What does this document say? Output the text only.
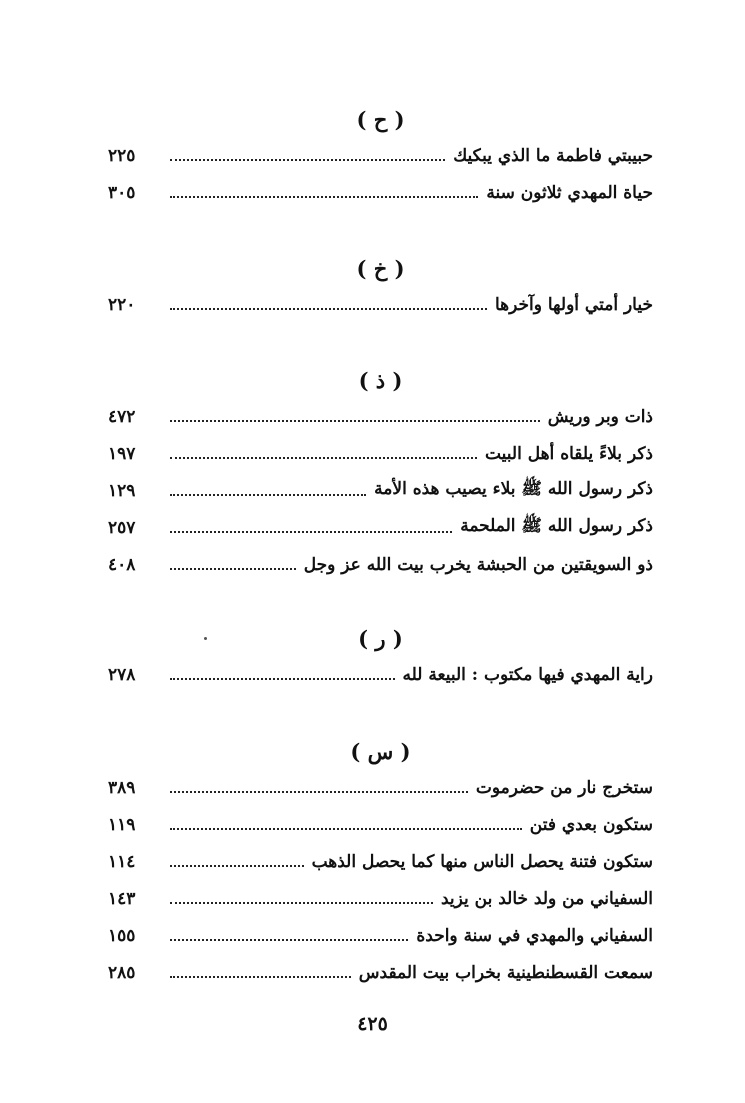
( ح )
٢٢٥	حبيبتي فاطمة ما الذي يبكيك
٣٠٥	حياة المهدي ثلاثون سنة
( خ )
٢٢٠	خيار أمتي أولها وآخرها
( ذ )
٤٧٢	ذات وبر وريش
١٩٧	ذكر بلاءً يلقاه أهل البيت
١٢٩	ذكر رسول الله ﷺ بلاء يصيب هذه الأمة
٢٥٧	ذكر رسول الله ﷺ الملحمة
٤٠٨	ذو السويقتين من الحبشة يخرب بيت الله عز وجل
( ر )
٢٧٨	راية المهدي فيها مكتوب : البيعة لله
( س )
٣٨٩	ستخرج نار من حضرموت
١١٩	ستكون بعدي فتن
١١٤	ستكون فتنة يحصل الناس منها كما يحصل الذهب
١٤٣	السفياني من ولد خالد بن يزيد
١٥٥	السفياني والمهدي في سنة واحدة
٢٨٥	سمعت القسطنطينية بخراب بيت المقدس
٤٢٥
